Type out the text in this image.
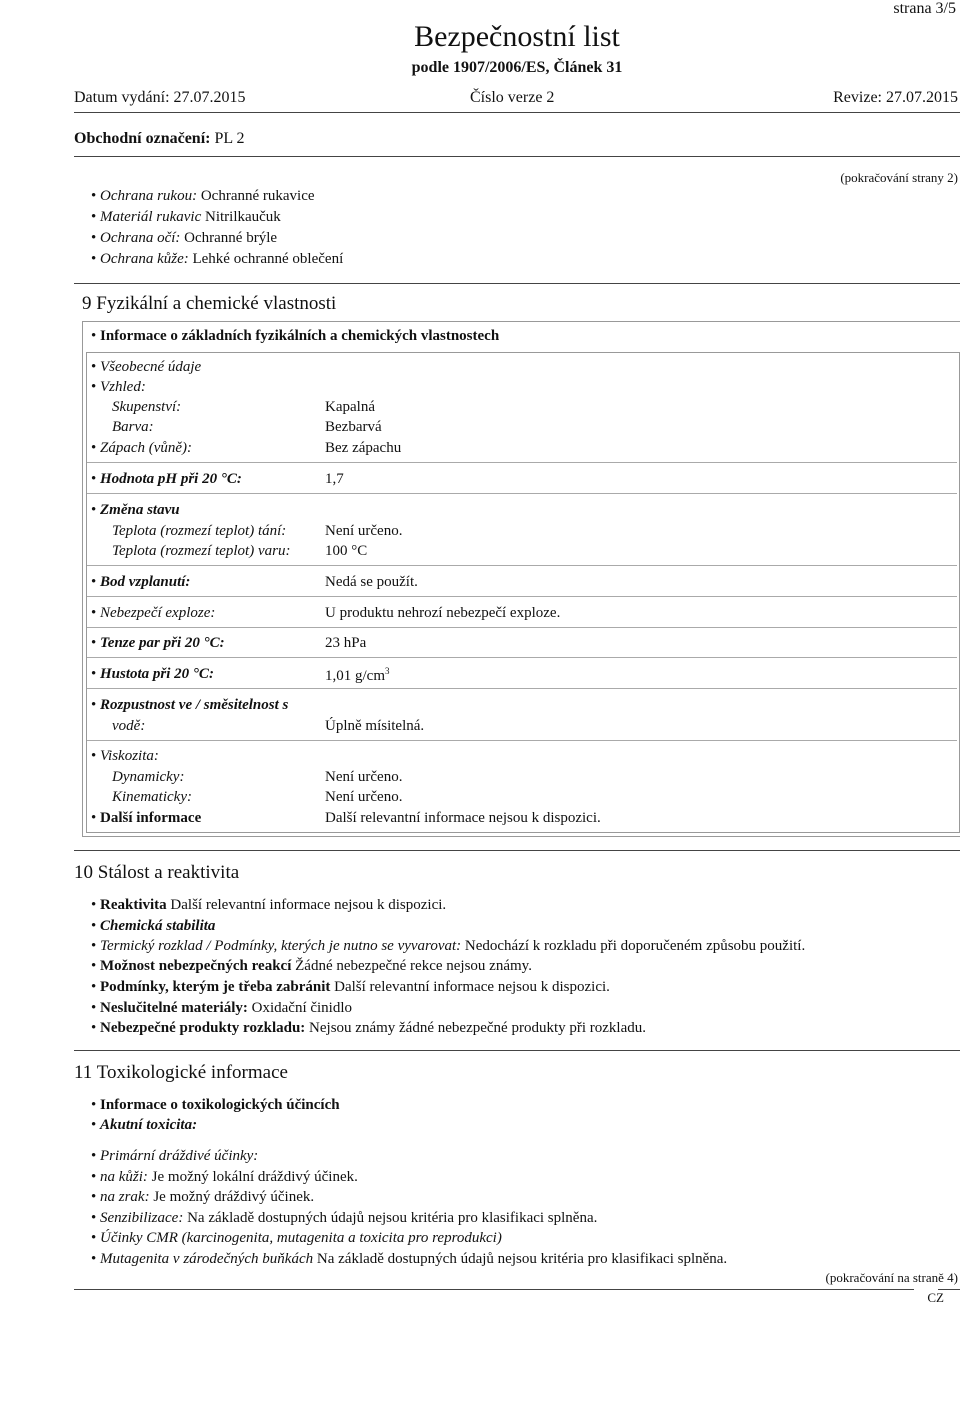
strana 3/5
Bezpečnostní list
podle 1907/2006/ES, Článek 31
Datum vydání: 27.07.2015	Číslo verze 2	Revize: 27.07.2015
Obchodní označení: PL 2
(pokračování strany 2)
• Ochrana rukou: Ochranné rukavice
• Materiál rukavic Nitrilkaučuk
• Ochrana očí: Ochranné brýle
• Ochrana kůže: Lehké ochranné oblečení
9 Fyzikální a chemické vlastnosti
• Informace o základních fyzikálních a chemických vlastnostech
• Všeobecné údaje
• Vzhled:
Skupenství:	Kapalná
Barva:	Bezbarvá
• Zápach (vůně):	Bez zápachu
• Hodnota pH při 20 °C:	1,7
• Změna stavu
Teplota (rozmezí teplot) tání:	Není určeno.
Teplota (rozmezí teplot) varu: 100 °C
• Bod vzplanutí:	Nedá se použít.
• Nebezpečí exploze:	U produktu nehrozí nebezpečí exploze.
• Tenze par při 20 °C:	23 hPa
• Hustota při 20 °C:	1,01 $g/cm^3$
• Rozpustnost ve / směsitelnost s
vodě:	Úplně mísitelná.
• Viskozita:
Dynamicky:	Není určeno.
Kinematicky:	Není určeno.
• Další informace	Další relevantní informace nejsou k dispozici.
10 Stálost a reaktivita
• Reaktivita Další relevantní informace nejsou k dispozici.
• Chemická stabilita
• Termický rozklad / Podmínky, kterých je nutno se vyvarovat: Nedochází k rozkladu při doporučeném způsobu použití.
• Možnost nebezpečných reakcí Žádné nebezpečné rekce nejsou známy.
• Podmínky, kterým je třeba zabránit Další relevantní informace nejsou k dispozici.
• Neslučitelné materiály: Oxidační činidlo
• Nebezpečné produkty rozkladu: Nejsou známy žádné nebezpečné produkty při rozkladu.
11 Toxikologické informace
• Informace o toxikologických účincích
• Akutní toxicita:
• Primární dráždivé účinky:
• na kůži: Je možný lokální dráždivý účinek.
• na zrak: Je možný dráždivý účinek.
• Senzibilizace: Na základě dostupných údajů nejsou kritéria pro klasifikaci splněna.
• Účinky CMR (karcinogenita, mutagenita a toxicita pro reprodukci)
• Mutagenita v zárodečných buňkách Na základě dostupných údajů nejsou kritéria pro klasifikaci splněna.
(pokračování na straně 4)
CZ
